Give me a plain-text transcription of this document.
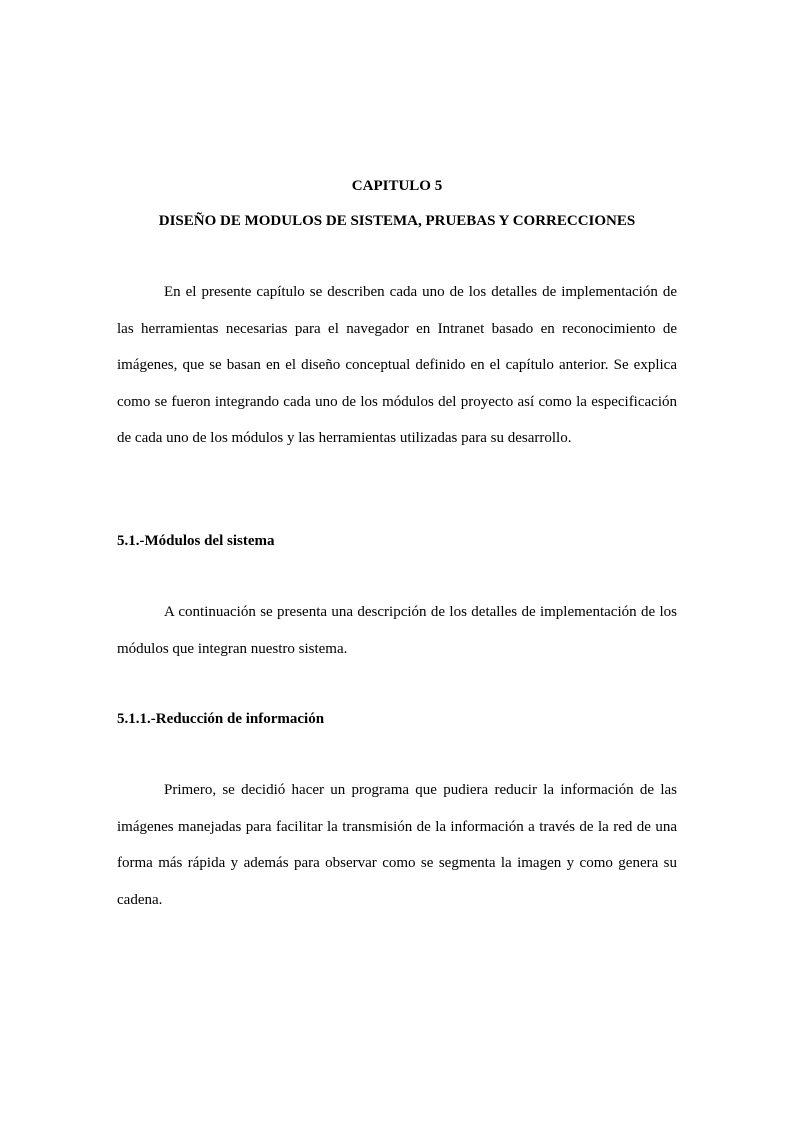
CAPITULO 5
DISEÑO DE MODULOS DE SISTEMA, PRUEBAS Y CORRECCIONES

En el presente capítulo se describen cada uno de los detalles de implementación de las herramientas necesarias para el navegador en Intranet basado en reconocimiento de imágenes, que se basan en el diseño conceptual definido en el capítulo anterior. Se explica como se fueron integrando cada uno de los módulos del proyecto así como la especificación de cada uno de los módulos y las herramientas utilizadas para su desarrollo.

5.1.-Módulos del sistema

A continuación se presenta una descripción de los detalles de implementación de los módulos que integran nuestro sistema.

5.1.1.-Reducción de información

Primero, se decidió hacer un programa que pudiera reducir la información de las imágenes manejadas para facilitar la transmisión de la información a través de la red de una forma más rápida y además para observar como se segmenta la imagen y como genera su cadena.
